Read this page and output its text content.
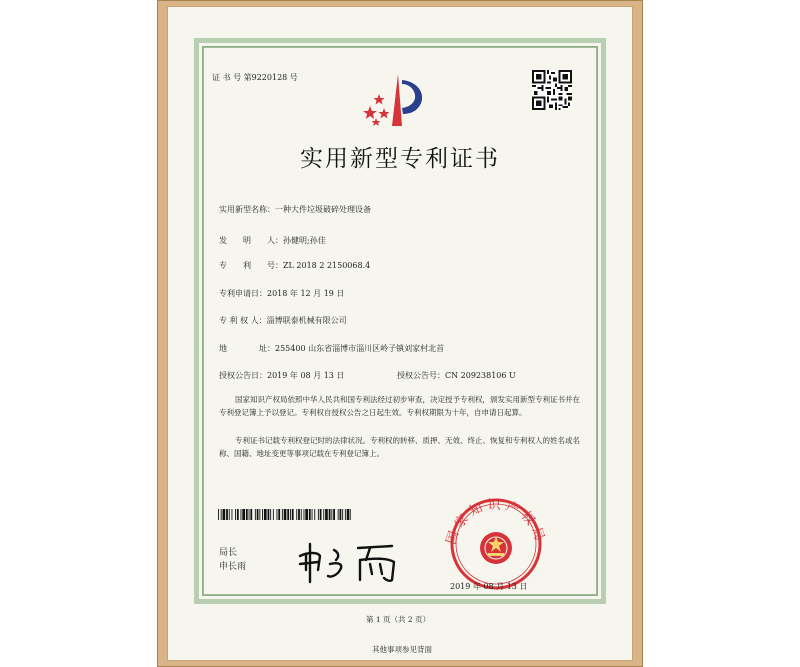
证 书 号 第9220128 号
实用新型专利证书
实用新型名称：一种大件垃圾破碎处理设备
发　　明　　人：孙健明;孙佳
专　　利　　号：ZL 2018 2 2150068.4
专利申请日：2018 年 12 月 19 日
专 利 权 人：淄博联泰机械有限公司
地　　　　址：255400 山东省淄博市淄川区岭子镇刘家村北首
授权公告日：2019 年 08 月 13 日	授权公告号：CN 209238106 U
国家知识产权局依照中华人民共和国专利法经过初步审查，决定授予专利权，颁发实用新型专利证书并在专利登记簿上予以登记。专利权自授权公告之日起生效。专利权期限为十年，自申请日起算。
专利证书记载专利权登记时的法律状况。专利权的转移、质押、无效、终止、恢复和专利权人的姓名或名称、国籍、地址变更等事项记载在专利登记簿上。
局长
申长雨
国家知识产权局
2019 年 08 月 13 日
第 1 页（共 2 页）
其他事项参见背面
